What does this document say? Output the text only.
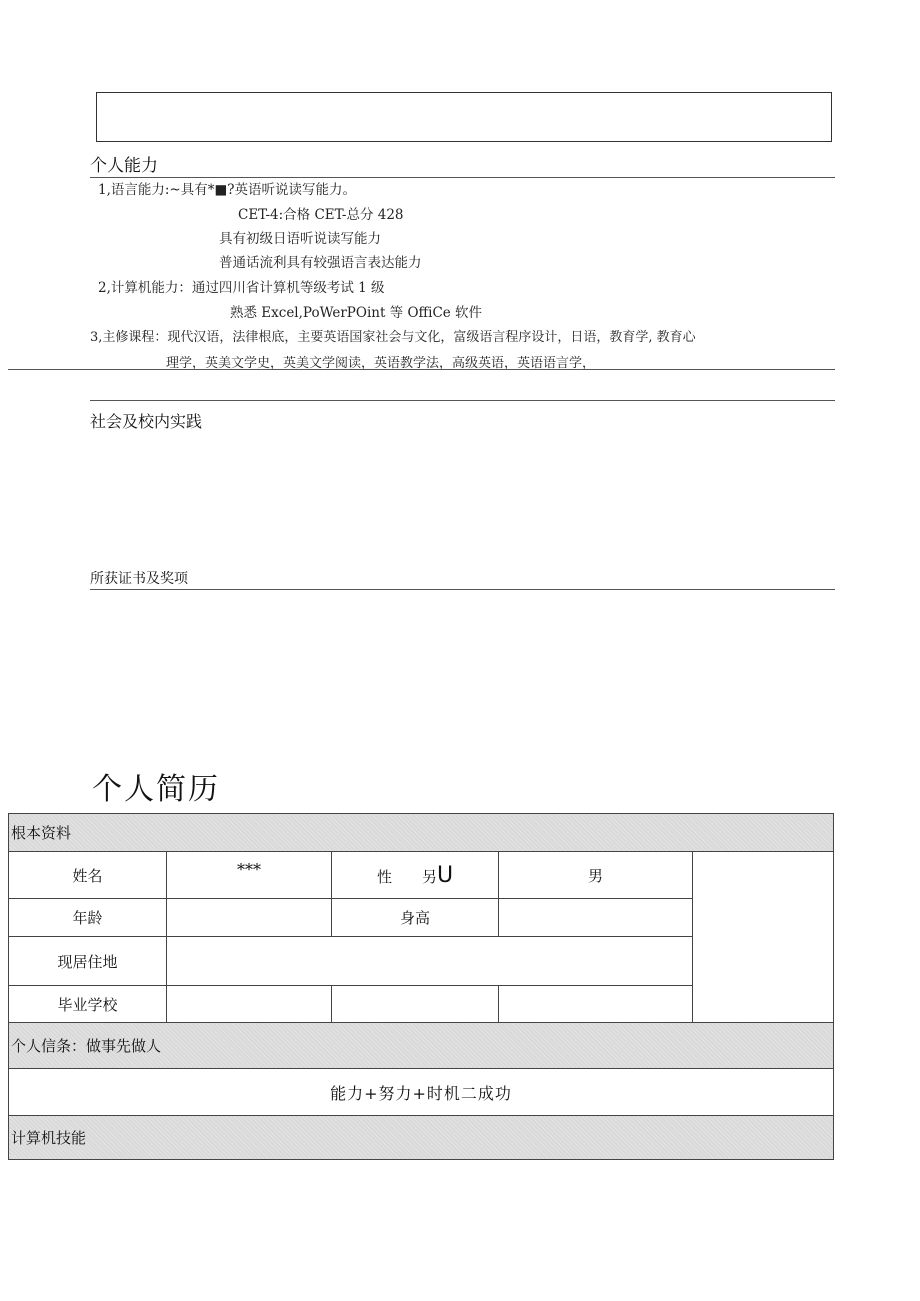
个人能力
1,语言能力:~具有*■?英语听说读写能力。
CET-4:合格 CET-总分 428
具有初级日语听说读写能力
普通话流利具有较强语言表达能力
2,计算机能力：通过四川省计算机等级考试 1 级
熟悉 Excel,PoWerPOint 等 OffiCe 软件
3,主修课程：现代汉语，法律根底，主要英语国家社会与文化，富级语言程序设计，日语，教育学, 教育心
理学，英美文学史，英美文学阅读，英语教学法，高级英语，英语语言学，
社会及校内实践
所获证书及奖项
个人简历
根本资料				
姓名	***	性　　另U	男	
年龄		身高		
现居住地				
毕业学校				
个人信条：做事先做人				
能力+努力+时机二成功				
计算机技能				
